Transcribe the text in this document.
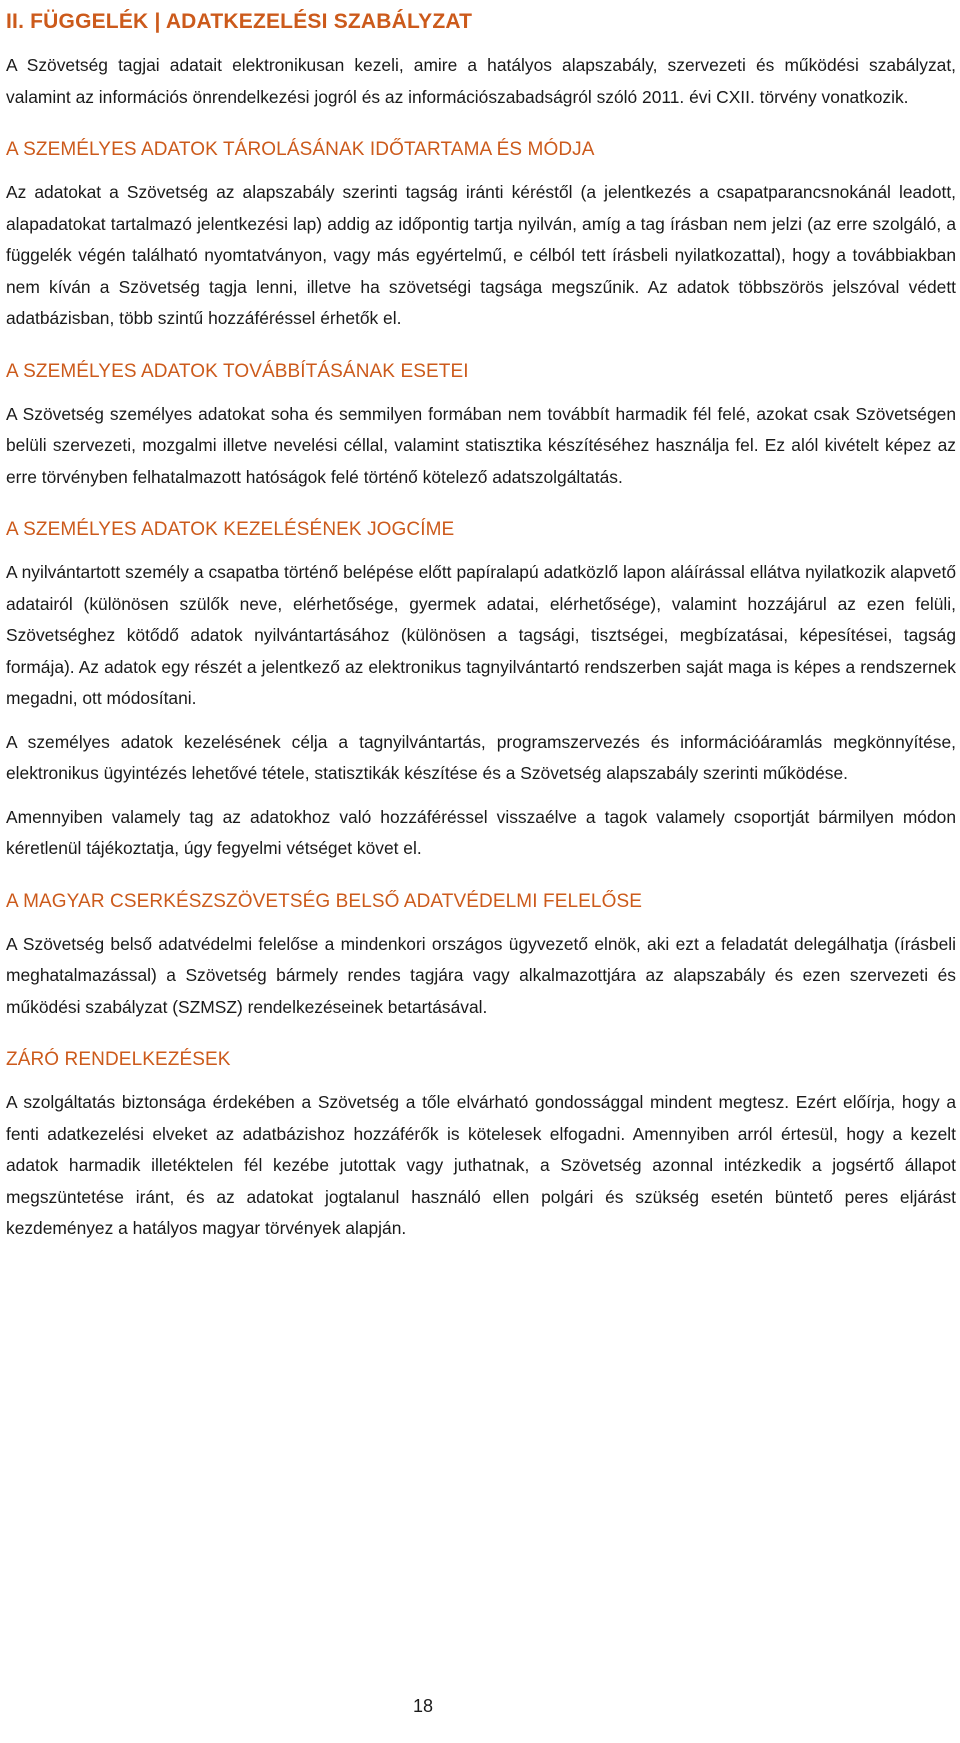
II. FÜGGELÉK | ADATKEZELÉSI SZABÁLYZAT

A Szövetség tagjai adatait elektronikusan kezeli, amire a hatályos alapszabály, szervezeti és működési szabályzat, valamint az információs önrendelkezési jogról és az információszabadságról szóló 2011. évi CXII. törvény vonatkozik.

A SZEMÉLYES ADATOK TÁROLÁSÁNAK IDŐTARTAMA ÉS MÓDJA

Az adatokat a Szövetség az alapszabály szerinti tagság iránti kéréstől (a jelentkezés a csapatparancsnokánál leadott, alapadatokat tartalmazó jelentkezési lap) addig az időpontig tartja nyilván, amíg a tag írásban nem jelzi (az erre szolgáló, a függelék végén található nyomtatványon, vagy más egyértelmű, e célból tett írásbeli nyilatkozattal), hogy a továbbiakban nem kíván a Szövetség tagja lenni, illetve ha szövetségi tagsága megszűnik. Az adatok többszörös jelszóval védett adatbázisban, több szintű hozzáféréssel érhetők el.

A SZEMÉLYES ADATOK TOVÁBBÍTÁSÁNAK ESETEI

A Szövetség személyes adatokat soha és semmilyen formában nem továbbít harmadik fél felé, azokat csak Szövetségen belüli szervezeti, mozgalmi illetve nevelési céllal, valamint statisztika készítéséhez használja fel. Ez alól kivételt képez az erre törvényben felhatalmazott hatóságok felé történő kötelező adatszolgáltatás.

A SZEMÉLYES ADATOK KEZELÉSÉNEK JOGCÍME

A nyilvántartott személy a csapatba történő belépése előtt papíralapú adatközlő lapon aláírással ellátva nyilatkozik alapvető adatairól (különösen szülők neve, elérhetősége, gyermek adatai, elérhetősége), valamint hozzájárul az ezen felüli, Szövetséghez kötődő adatok nyilvántartásához (különösen a tagsági, tisztségei, megbízatásai, képesítései, tagság formája). Az adatok egy részét a jelentkező az elektronikus tagnyilvántartó rendszerben saját maga is képes a rendszernek megadni, ott módosítani.

A személyes adatok kezelésének célja a tagnyilvántartás, programszervezés és információáramlás megkönnyítése, elektronikus ügyintézés lehetővé tétele, statisztikák készítése és a Szövetség alapszabály szerinti működése.

Amennyiben valamely tag az adatokhoz való hozzáféréssel visszaélve a tagok valamely csoportját bármilyen módon kéretlenül tájékoztatja, úgy fegyelmi vétséget követ el.

A MAGYAR CSERKÉSZSZÖVETSÉG BELSŐ ADATVÉDELMI FELELŐSE

A Szövetség belső adatvédelmi felelőse a mindenkori országos ügyvezető elnök, aki ezt a feladatát delegálhatja (írásbeli meghatalmazással) a Szövetség bármely rendes tagjára vagy alkalmazottjára az alapszabály és ezen szervezeti és működési szabályzat (SZMSZ) rendelkezéseinek betartásával.

ZÁRÓ RENDELKEZÉSEK

A szolgáltatás biztonsága érdekében a Szövetség a tőle elvárható gondossággal mindent megtesz. Ezért előírja, hogy a fenti adatkezelési elveket az adatbázishoz hozzáférők is kötelesek elfogadni. Amennyiben arról értesül, hogy a kezelt adatok harmadik illetéktelen fél kezébe jutottak vagy juthatnak, a Szövetség azonnal intézkedik a jogsértő állapot megszüntetése iránt, és az adatokat jogtalanul használó ellen polgári és szükség esetén büntető peres eljárást kezdeményez a hatályos magyar törvények alapján.

18
